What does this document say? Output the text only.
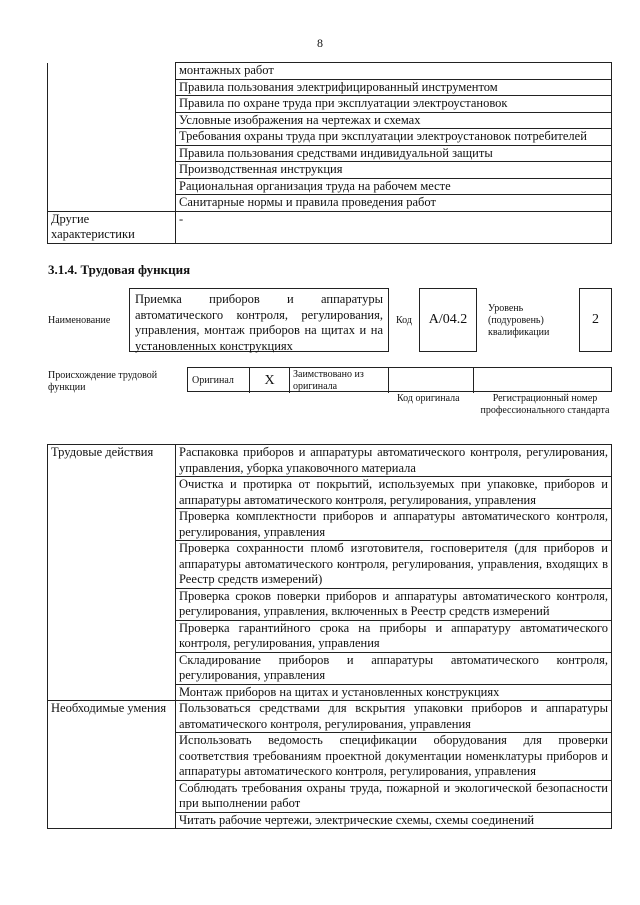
8
	монтажных работ
	Правила пользования электрифицированный инструментом
	Правила по охране труда при эксплуатации электроустановок
	Условные изображения на чертежах и схемах
	Требования охраны труда при эксплуатации электроустановок потребителей
	Правила пользования средствами индивидуальной защиты
	Производственная инструкция
	Рациональная организация труда на рабочем месте
	Санитарные нормы и правила проведения работ
Другие характеристики	-
3.1.4. Трудовая функция
Наименование
Приемка приборов и аппаратуры автоматического контроля, регулирования, управления, монтаж приборов на щитах и на установленных конструкциях
Код	А/04.2
Уровень (подуровень) квалификации
2
Происхождение трудовой функции
Оригинал	X	Заимствовано из оригинала
Код оригинала	Регистрационный номер профессионального стандарта
Трудовые действия	Распаковка приборов и аппаратуры автоматического контроля, регулирования, управления, уборка упаковочного материала
	Очистка и протирка от покрытий, используемых при упаковке, приборов и аппаратуры автоматического контроля, регулирования, управления
	Проверка комплектности приборов и аппаратуры автоматического контроля, регулирования, управления
	Проверка сохранности пломб изготовителя, госповерителя (для приборов и аппаратуры автоматического контроля, регулирования, управления, входящих в Реестр средств измерений)
	Проверка сроков поверки приборов и аппаратуры автоматического контроля, регулирования, управления, включенных в Реестр средств измерений
	Проверка гарантийного срока на приборы и аппаратуру автоматического контроля, регулирования, управления
	Складирование приборов и аппаратуры автоматического контроля, регулирования, управления
	Монтаж приборов на щитах и установленных конструкциях
Необходимые умения	Пользоваться средствами для вскрытия упаковки приборов и аппаратуры автоматического контроля, регулирования, управления
	Использовать ведомость спецификации оборудования для проверки соответствия требованиям проектной документации номенклатуры приборов и аппаратуры автоматического контроля, регулирования, управления
	Соблюдать требования охраны труда, пожарной и экологической безопасности при выполнении работ
	Читать рабочие чертежи, электрические схемы, схемы соединений
